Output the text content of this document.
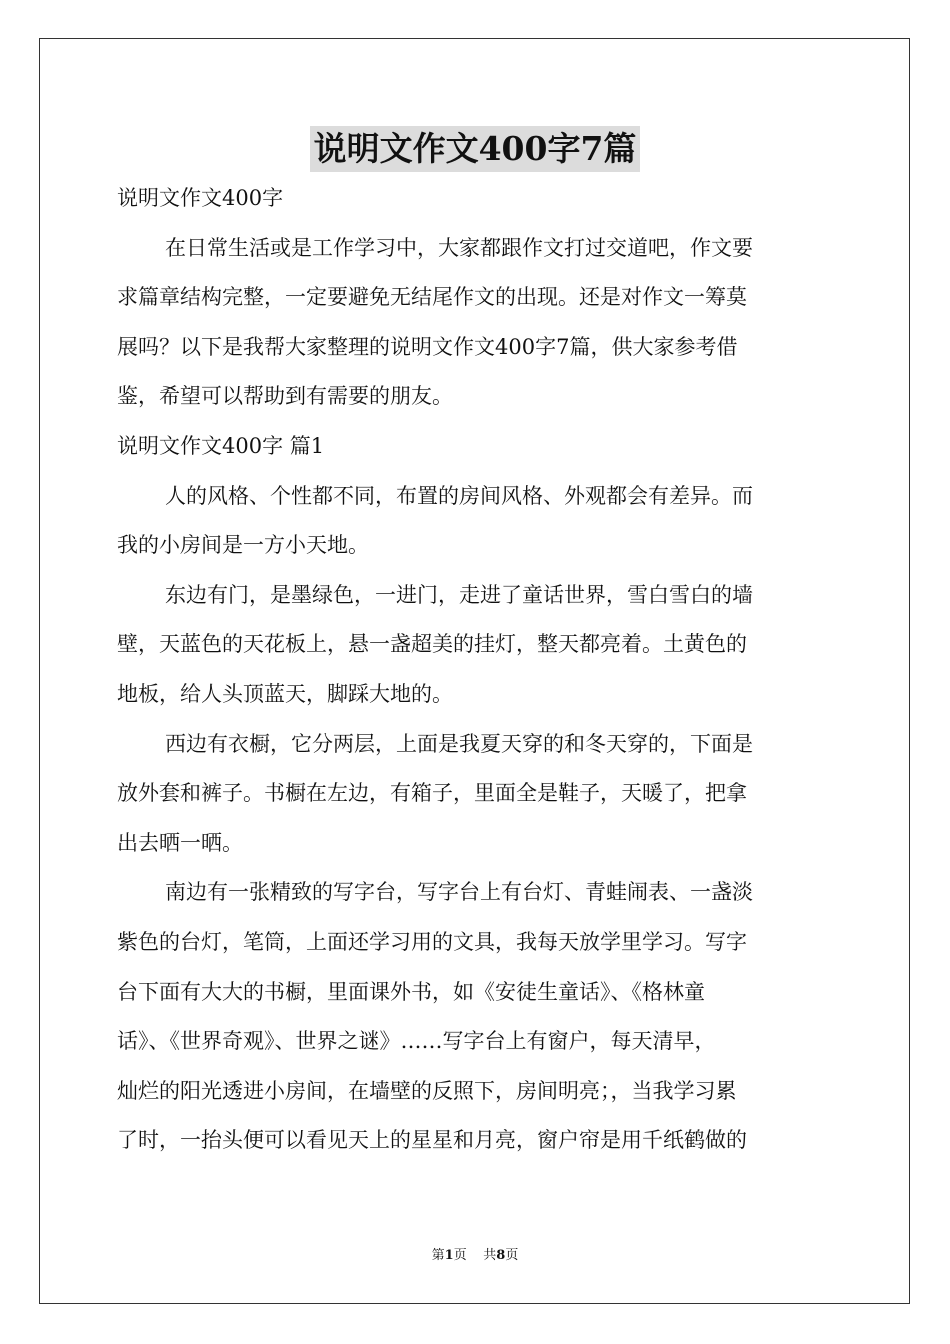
说明文作文400字7篇
说明文作文400字
在日常生活或是工作学习中，大家都跟作文打过交道吧，作文要
求篇章结构完整，一定要避免无结尾作文的出现。还是对作文一筹莫
展吗？以下是我帮大家整理的说明文作文400字7篇，供大家参考借
鉴，希望可以帮助到有需要的朋友。
说明文作文400字 篇1
人的风格、个性都不同，布置的房间风格、外观都会有差异。而
我的小房间是一方小天地。
东边有门，是墨绿色，一进门，走进了童话世界，雪白雪白的墙
壁，天蓝色的天花板上，悬一盏超美的挂灯，整天都亮着。土黄色的
地板，给人头顶蓝天，脚踩大地的。
西边有衣橱，它分两层，上面是我夏天穿的和冬天穿的，下面是
放外套和裤子。书橱在左边，有箱子，里面全是鞋子，天暖了，把拿
出去晒一晒。
南边有一张精致的写字台，写字台上有台灯、青蛙闹表、一盏淡
紫色的台灯，笔筒，上面还学习用的文具，我每天放学里学习。写字
台下面有大大的书橱，里面课外书，如《安徒生童话》、《格林童
话》、《世界奇观》、世界之谜》……写字台上有窗户，每天清早，
灿烂的阳光透进小房间，在墙壁的反照下，房间明亮；，当我学习累
了时，一抬头便可以看见天上的星星和月亮，窗户帘是用千纸鹤做的
第1页 共8页
